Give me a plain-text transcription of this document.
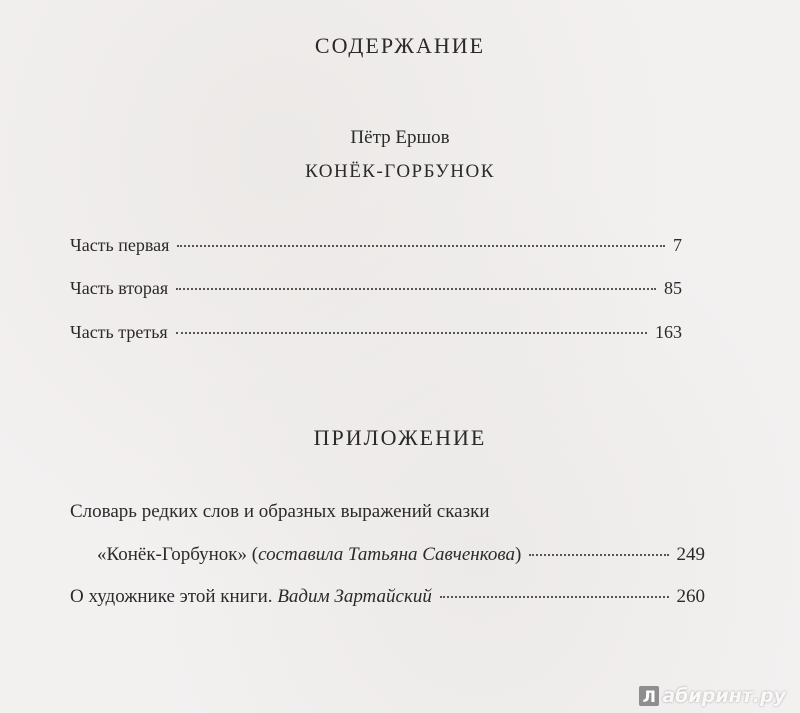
СОДЕРЖАНИЕ
Пётр Ершов
КОНЁК-ГОРБУНОК
Часть первая	7
Часть вторая	85
Часть третья	163
ПРИЛОЖЕНИЕ
Словарь редких слов и образных выражений сказки
«Конёк-Горбунок» (составила Татьяна Савченкова)	249
О художнике этой книги. Вадим Зартайский	260
Л абиринт.ру
